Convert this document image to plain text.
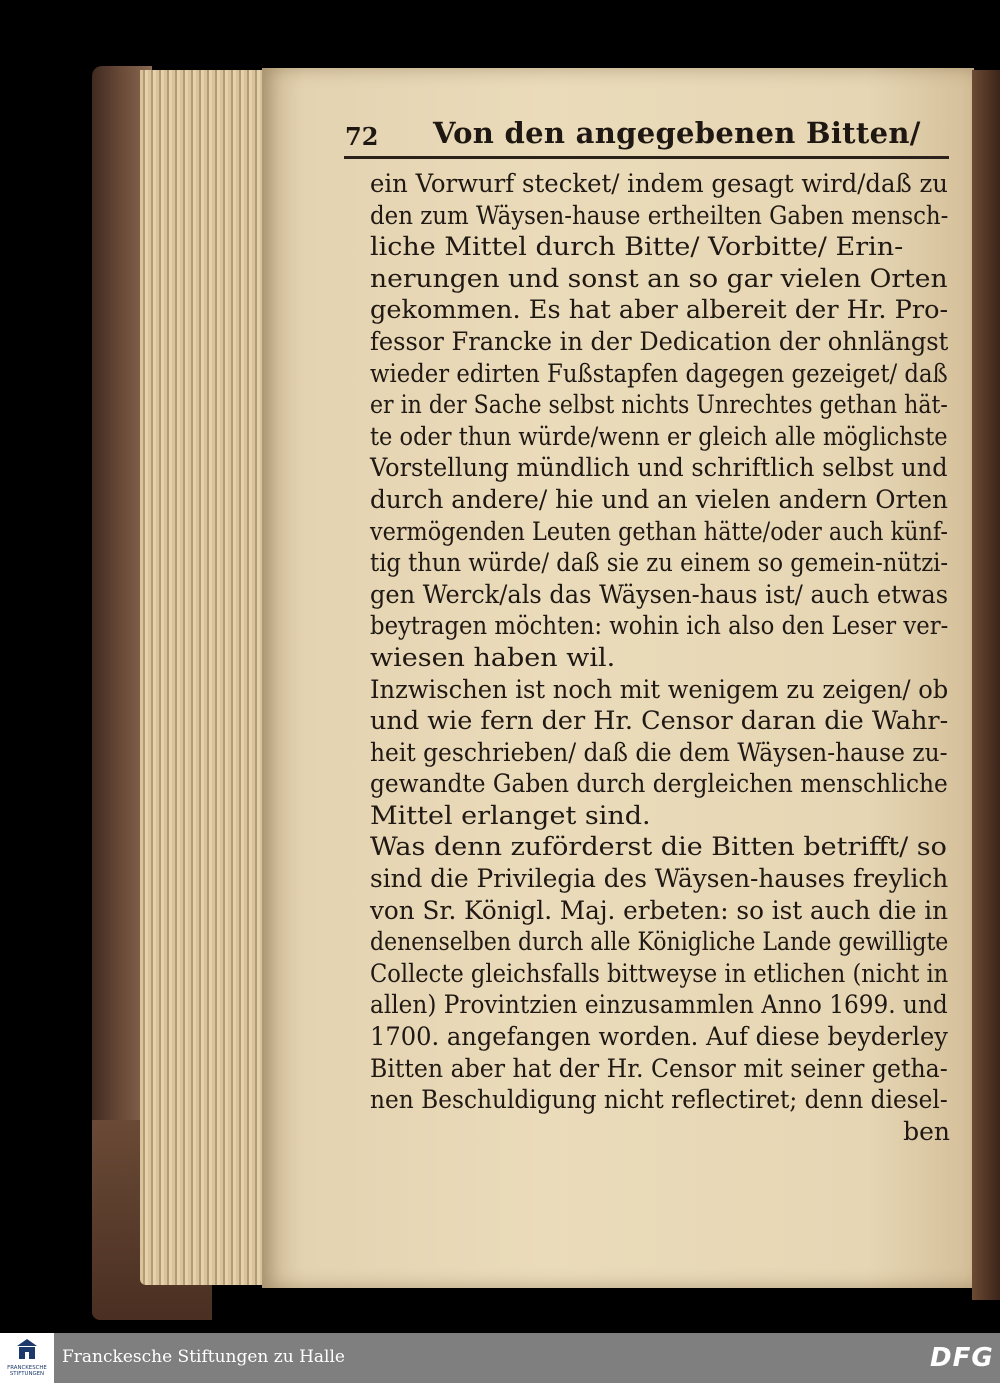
72 Von den angegebenen Bitten/
ein Vorwurf stecket/ indem gesagt wird/daß zu
den zum Wäysen-hause ertheilten Gaben mensch-
liche Mittel durch Bitte/ Vorbitte/ Erin-
nerungen und sonst an so gar vielen Orten
gekommen. Es hat aber albereit der Hr. Pro-
fessor Francke in der Dedication der ohnlängst
wieder edirten Fußstapfen dagegen gezeiget/ daß
er in der Sache selbst nichts Unrechtes gethan hät-
te oder thun würde/wenn er gleich alle möglichste
Vorstellung mündlich und schriftlich selbst und
durch andere/ hie und an vielen andern Orten
vermögenden Leuten gethan hätte/oder auch künf-
tig thun würde/ daß sie zu einem so gemein-nützi-
gen Werck/als das Wäysen-haus ist/ auch etwas
beytragen möchten: wohin ich also den Leser ver-
wiesen haben wil.
Inzwischen ist noch mit wenigem zu zeigen/ ob
und wie fern der Hr. Censor daran die Wahr-
heit geschrieben/ daß die dem Wäysen-hause zu-
gewandte Gaben durch dergleichen menschliche
Mittel erlanget sind.
Was denn zuförderst die Bitten betrifft/ so
sind die Privilegia des Wäysen-hauses freylich
von Sr. Königl. Maj. erbeten: so ist auch die in
denenselben durch alle Königliche Lande gewilligte
Collecte gleichsfalls bittweyse in etlichen (nicht in
allen) Provintzien einzusammlen Anno 1699. und
1700. angefangen worden. Auf diese beyderley
Bitten aber hat der Hr. Censor mit seiner getha-
nen Beschuldigung nicht reflectiret; denn diesel-
ben
FRANCKESCHE
STIFTUNGEN
Franckesche Stiftungen zu Halle	DFG
